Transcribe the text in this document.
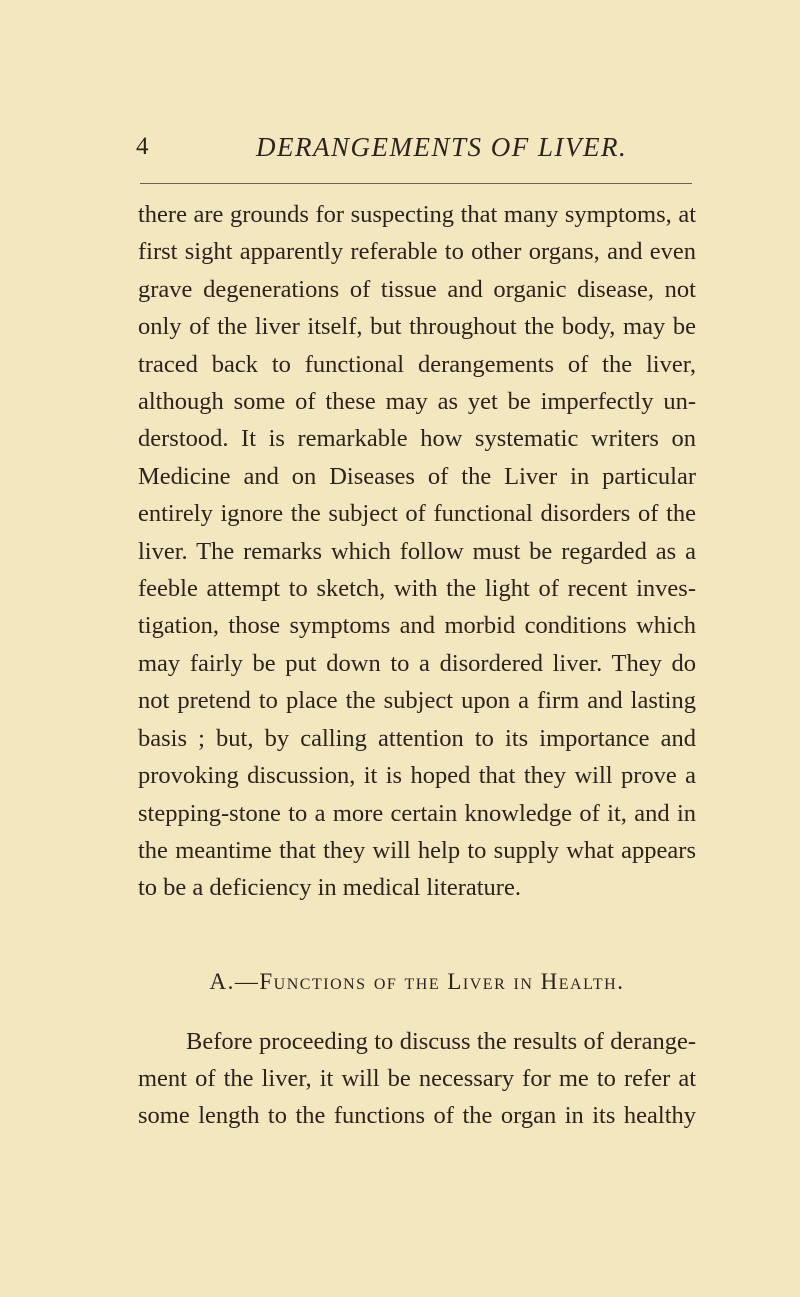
4	DERANGEMENTS OF LIVER.

there are grounds for suspecting that many symptoms, at first sight apparently referable to other organs, and even grave degenerations of tissue and organic disease, not only of the liver itself, but throughout the body, may be traced back to functional derangements of the liver, although some of these may as yet be imperfectly un- derstood. It is remarkable how systematic writers on Medicine and on Diseases of the Liver in particular entirely ignore the subject of functional disorders of the liver. The remarks which follow must be regarded as a feeble attempt to sketch, with the light of recent inves- tigation, those symptoms and morbid conditions which may fairly be put down to a disordered liver. They do not pretend to place the subject upon a firm and lasting basis ; but, by calling attention to its importance and provoking discussion, it is hoped that they will prove a stepping-stone to a more certain knowledge of it, and in the meantime that they will help to supply what appears to be a deficiency in medical literature.

A.—Functions of the Liver in Health.

Before proceeding to discuss the results of derange- ment of the liver, it will be necessary for me to refer at some length to the functions of the organ in its healthy
